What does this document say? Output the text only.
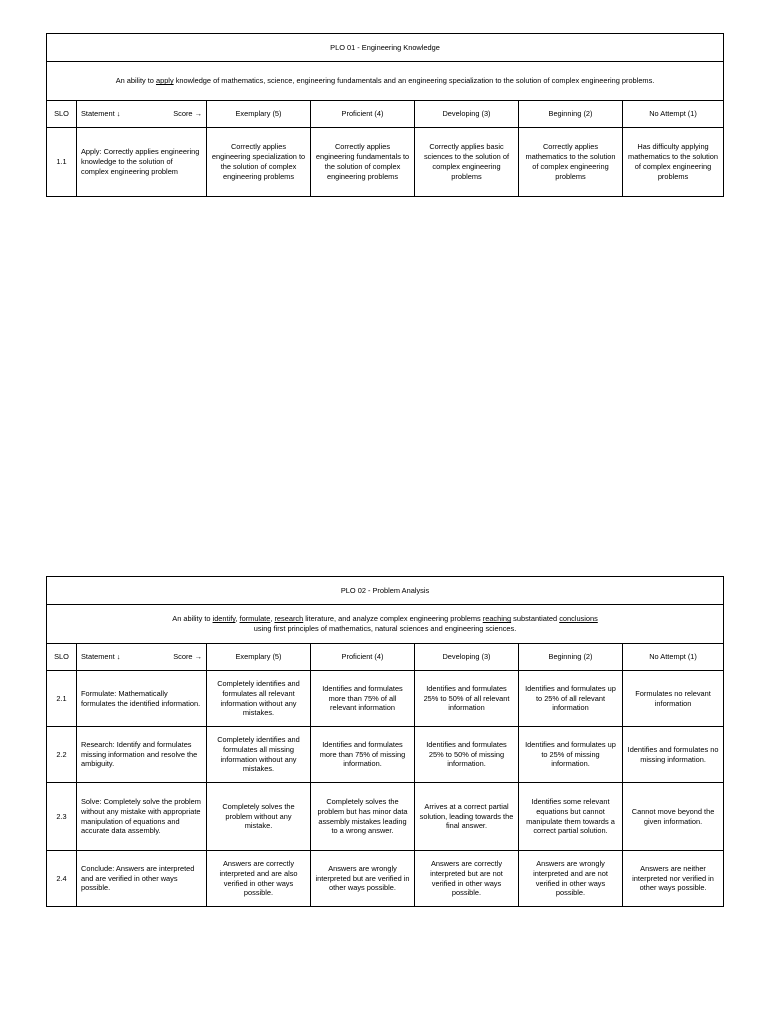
PLO 01 - Engineering Knowledge						
An ability to apply knowledge of mathematics, science, engineering fundamentals and an engineering specialization to the solution of complex engineering problems.						
SLO	Statement ↓ Score →	Exemplary (5)	Proficient (4)	Developing (3)	Beginning (2)	No Attempt (1)
1.1	Apply: Correctly applies engineering knowledge to the solution of complex engineering problem	Correctly applies engineering specialization to the solution of complex engineering problems	Correctly applies engineering fundamentals to the solution of complex engineering problems	Correctly applies basic sciences to the solution of complex engineering problems	Correctly applies mathematics to the solution of complex engineering problems	Has difficulty applying mathematics to the solution of complex engineering problems
PLO 02 - Problem Analysis						
An ability to identify, formulate, research literature, and analyze complex engineering problems reaching substantiated conclusions
using first principles of mathematics, natural sciences and engineering sciences.						
SLO	Statement ↓ Score →	Exemplary (5)	Proficient (4)	Developing (3)	Beginning (2)	No Attempt (1)
2.1	Formulate: Mathematically formulates the identified information.	Completely identifies and formulates all relevant information without any mistakes.	Identifies and formulates more than 75% of all relevant information	Identifies and formulates 25% to 50% of all relevant information	Identifies and formulates up to 25% of all relevant information	Formulates no relevant information
2.2	Research: Identify and formulates missing information and resolve the ambiguity.	Completely identifies and formulates all missing information without any mistakes.	Identifies and formulates more than 75% of missing information.	Identifies and formulates 25% to 50% of missing information.	Identifies and formulates up to 25% of missing information.	Identifies and formulates no missing information.
2.3	Solve: Completely solve the problem without any mistake with appropriate manipulation of equations and accurate data assembly.	Completely solves the problem without any mistake.	Completely solves the problem but has minor data assembly mistakes leading to a wrong answer.	Arrives at a correct partial solution, leading towards the final answer.	Identifies some relevant equations but cannot manipulate them towards a correct partial solution.	Cannot move beyond the given information.
2.4	Conclude: Answers are interpreted and are verified in other ways possible.	Answers are correctly interpreted and are also verified in other ways possible.	Answers are wrongly interpreted but are verified in other ways possible.	Answers are correctly interpreted but are not verified in other ways possible.	Answers are wrongly interpreted and are not verified in other ways possible.	Answers are neither interpreted nor verified in other ways possible.
